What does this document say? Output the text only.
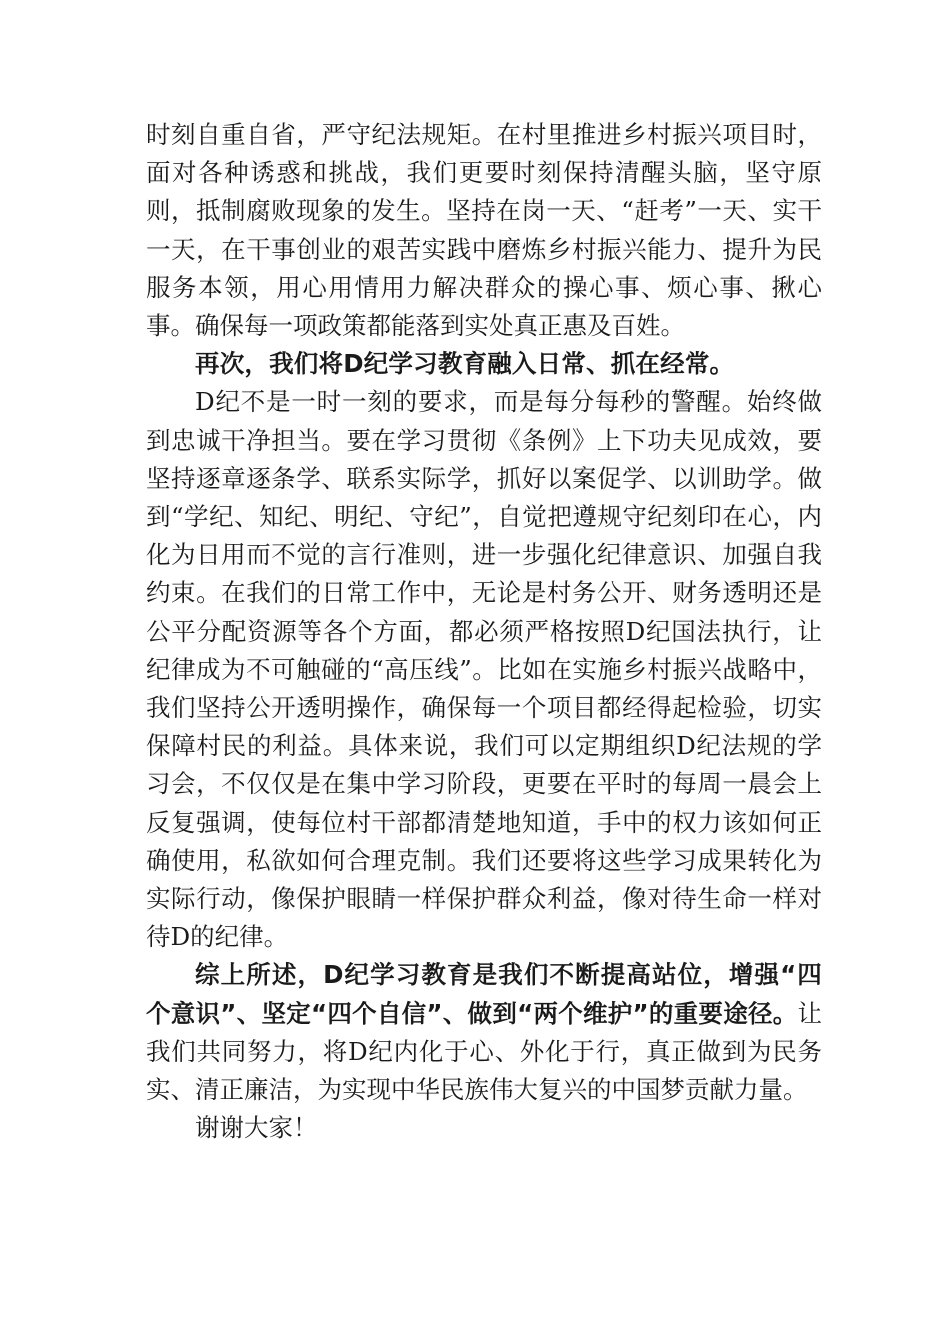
时刻自重自省，严守纪法规矩。在村里推进乡村振兴项目时，面对各种诱惑和挑战，我们更要时刻保持清醒头脑，坚守原则，抵制腐败现象的发生。坚持在岗一天、“赶考”一天、实干一天，在干事创业的艰苦实践中磨炼乡村振兴能力、提升为民服务本领，用心用情用力解决群众的操心事、烦心事、揪心事。确保每一项政策都能落到实处真正惠及百姓。

再次，我们将D纪学习教育融入日常、抓在经常。

D纪不是一时一刻的要求，而是每分每秒的警醒。始终做到忠诚干净担当。要在学习贯彻《条例》上下功夫见成效，要坚持逐章逐条学、联系实际学，抓好以案促学、以训助学。做到“学纪、知纪、明纪、守纪”，自觉把遵规守纪刻印在心，内化为日用而不觉的言行准则，进一步强化纪律意识、加强自我约束。在我们的日常工作中，无论是村务公开、财务透明还是公平分配资源等各个方面，都必须严格按照D纪国法执行，让纪律成为不可触碰的“高压线”。比如在实施乡村振兴战略中，我们坚持公开透明操作，确保每一个项目都经得起检验，切实保障村民的利益。具体来说，我们可以定期组织D纪法规的学习会，不仅仅是在集中学习阶段，更要在平时的每周一晨会上反复强调，使每位村干部都清楚地知道，手中的权力该如何正确使用，私欲如何合理克制。我们还要将这些学习成果转化为实际行动，像保护眼睛一样保护群众利益，像对待生命一样对待D的纪律。

综上所述，D纪学习教育是我们不断提高站位，增强“四个意识”、坚定“四个自信”、做到“两个维护”的重要途径。让我们共同努力，将D纪内化于心、外化于行，真正做到为民务实、清正廉洁，为实现中华民族伟大复兴的中国梦贡献力量。

谢谢大家！
